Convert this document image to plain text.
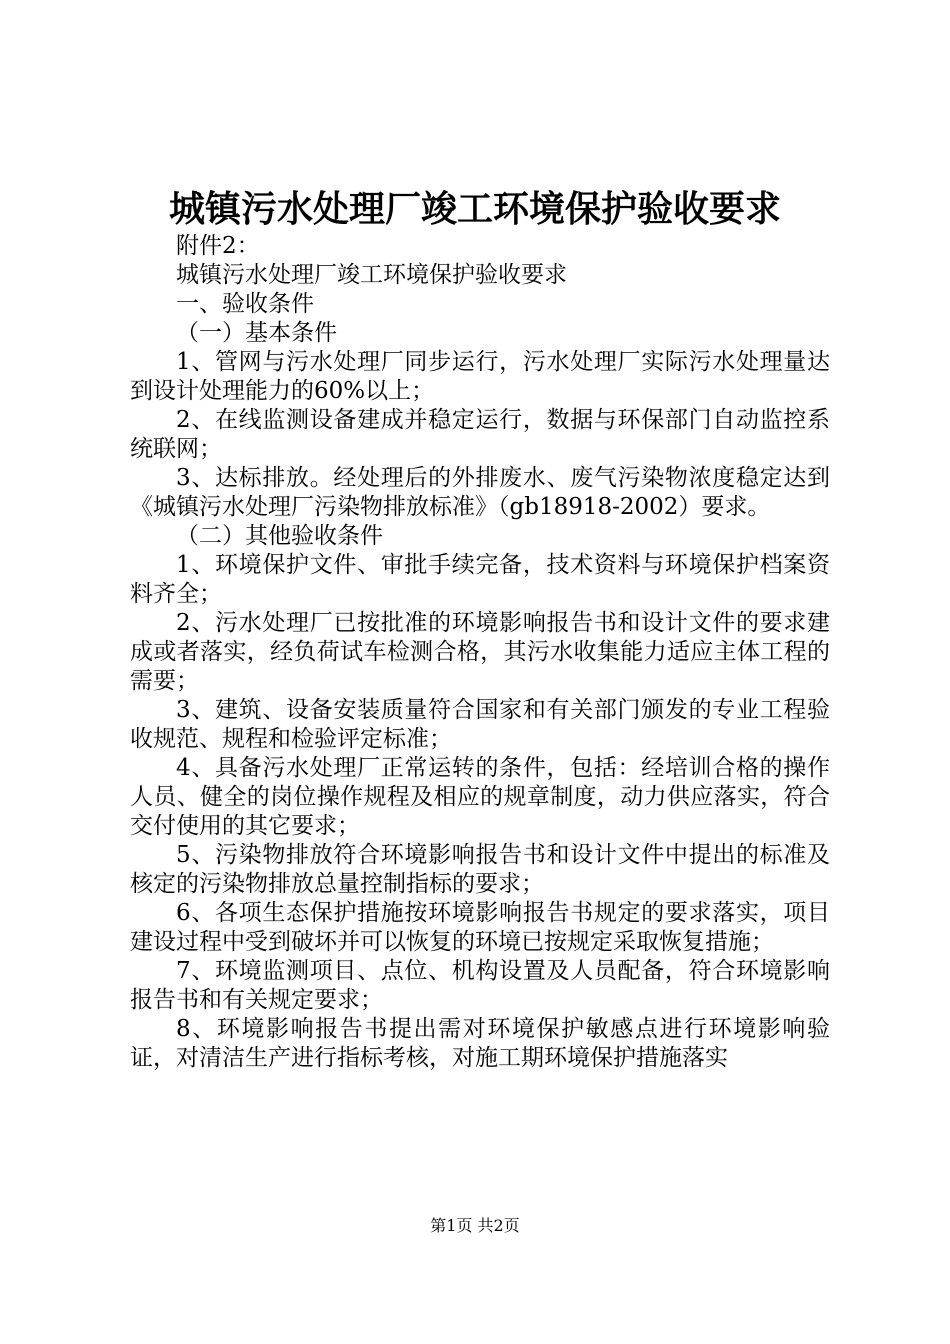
城镇污水处理厂竣工环境保护验收要求

附件2：

城镇污水处理厂竣工环境保护验收要求

一、验收条件

（一）基本条件

1、管网与污水处理厂同步运行，污水处理厂实际污水处理量达到设计处理能力的60%以上；

2、在线监测设备建成并稳定运行，数据与环保部门自动监控系统联网；

3、达标排放。经处理后的外排废水、废气污染物浓度稳定达到《城镇污水处理厂污染物排放标准》（gb18918-2002）要求。

（二）其他验收条件

1、环境保护文件、审批手续完备，技术资料与环境保护档案资料齐全；

2、污水处理厂已按批准的环境影响报告书和设计文件的要求建成或者落实，经负荷试车检测合格，其污水收集能力适应主体工程的需要；

3、建筑、设备安装质量符合国家和有关部门颁发的专业工程验收规范、规程和检验评定标准；

4、具备污水处理厂正常运转的条件，包括：经培训合格的操作人员、健全的岗位操作规程及相应的规章制度，动力供应落实，符合交付使用的其它要求；

5、污染物排放符合环境影响报告书和设计文件中提出的标准及核定的污染物排放总量控制指标的要求；

6、各项生态保护措施按环境影响报告书规定的要求落实，项目建设过程中受到破坏并可以恢复的环境已按规定采取恢复措施；

7、环境监测项目、点位、机构设置及人员配备，符合环境影响报告书和有关规定要求；

8、环境影响报告书提出需对环境保护敏感点进行环境影响验证，对清洁生产进行指标考核，对施工期环境保护措施落实

第1页 共2页
